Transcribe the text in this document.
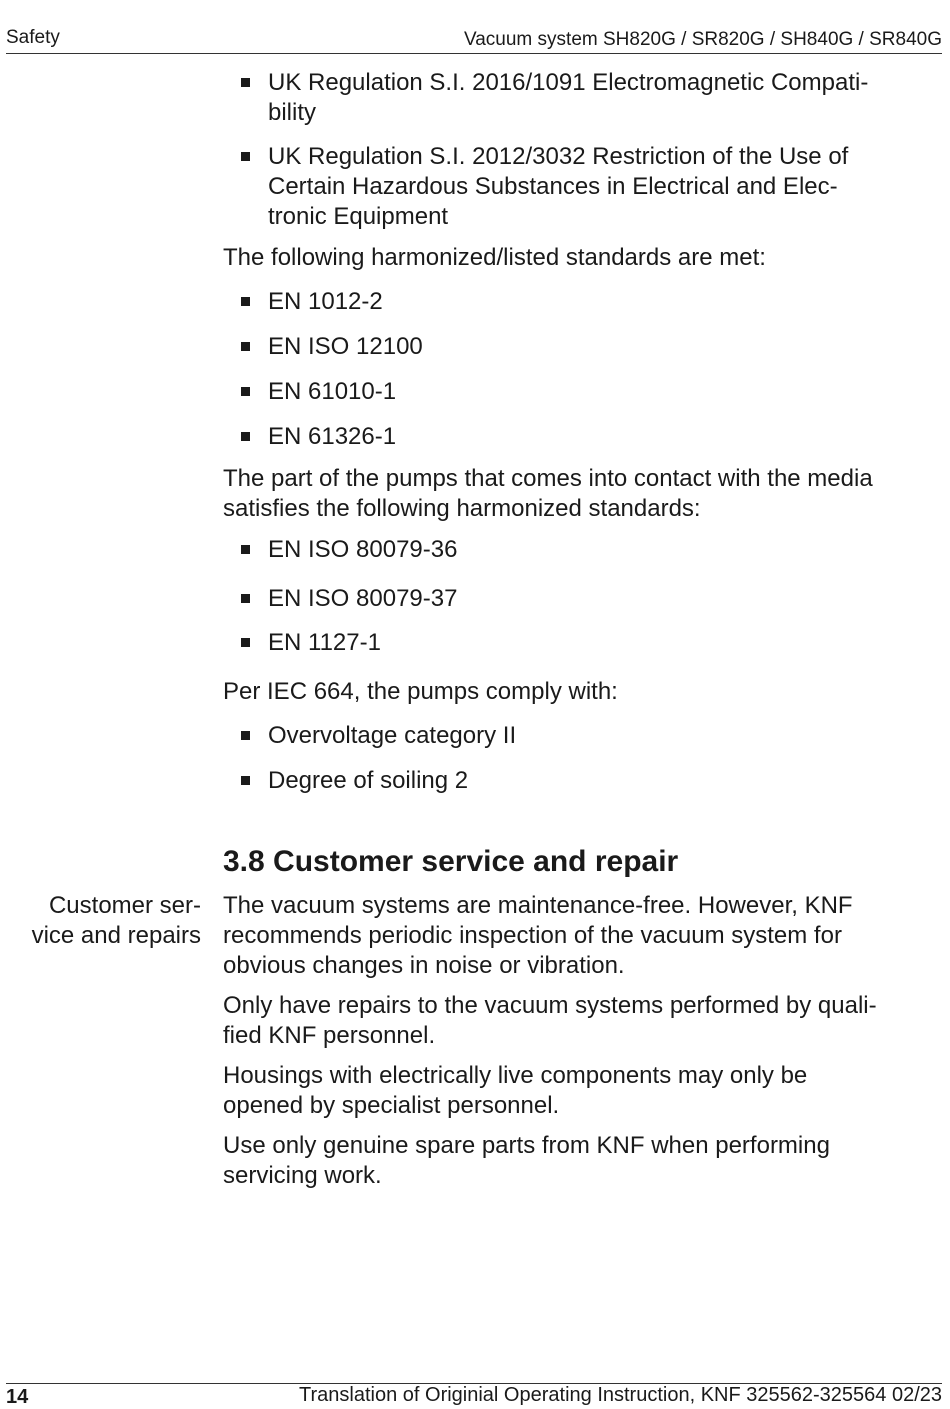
Safety	Vacuum system SH820G / SR820G / SH840G / SR840G
UK Regulation S.I. 2016/1091 Electromagnetic Compati-
bility
UK Regulation S.I. 2012/3032 Restriction of the Use of
Certain Hazardous Substances in Electrical and Elec-
tronic Equipment
The following harmonized/listed standards are met:
EN 1012-2
EN ISO 12100
EN 61010-1
EN 61326-1
The part of the pumps that comes into contact with the media
satisfies the following harmonized standards:
EN ISO 80079-36
EN ISO 80079-37
EN 1127-1
Per IEC 664, the pumps comply with:
Overvoltage category II
Degree of soiling 2
3.8 Customer service and repair
The vacuum systems are maintenance-free. However, KNF
recommends periodic inspection of the vacuum system for
obvious changes in noise or vibration.
Only have repairs to the vacuum systems performed by quali-
fied KNF personnel.
Housings with electrically live components may only be
opened by specialist personnel.
Use only genuine spare parts from KNF when performing
servicing work.
Customer ser-
vice and repairs
14	Translation of Originial Operating Instruction, KNF 325562-325564 02/23
